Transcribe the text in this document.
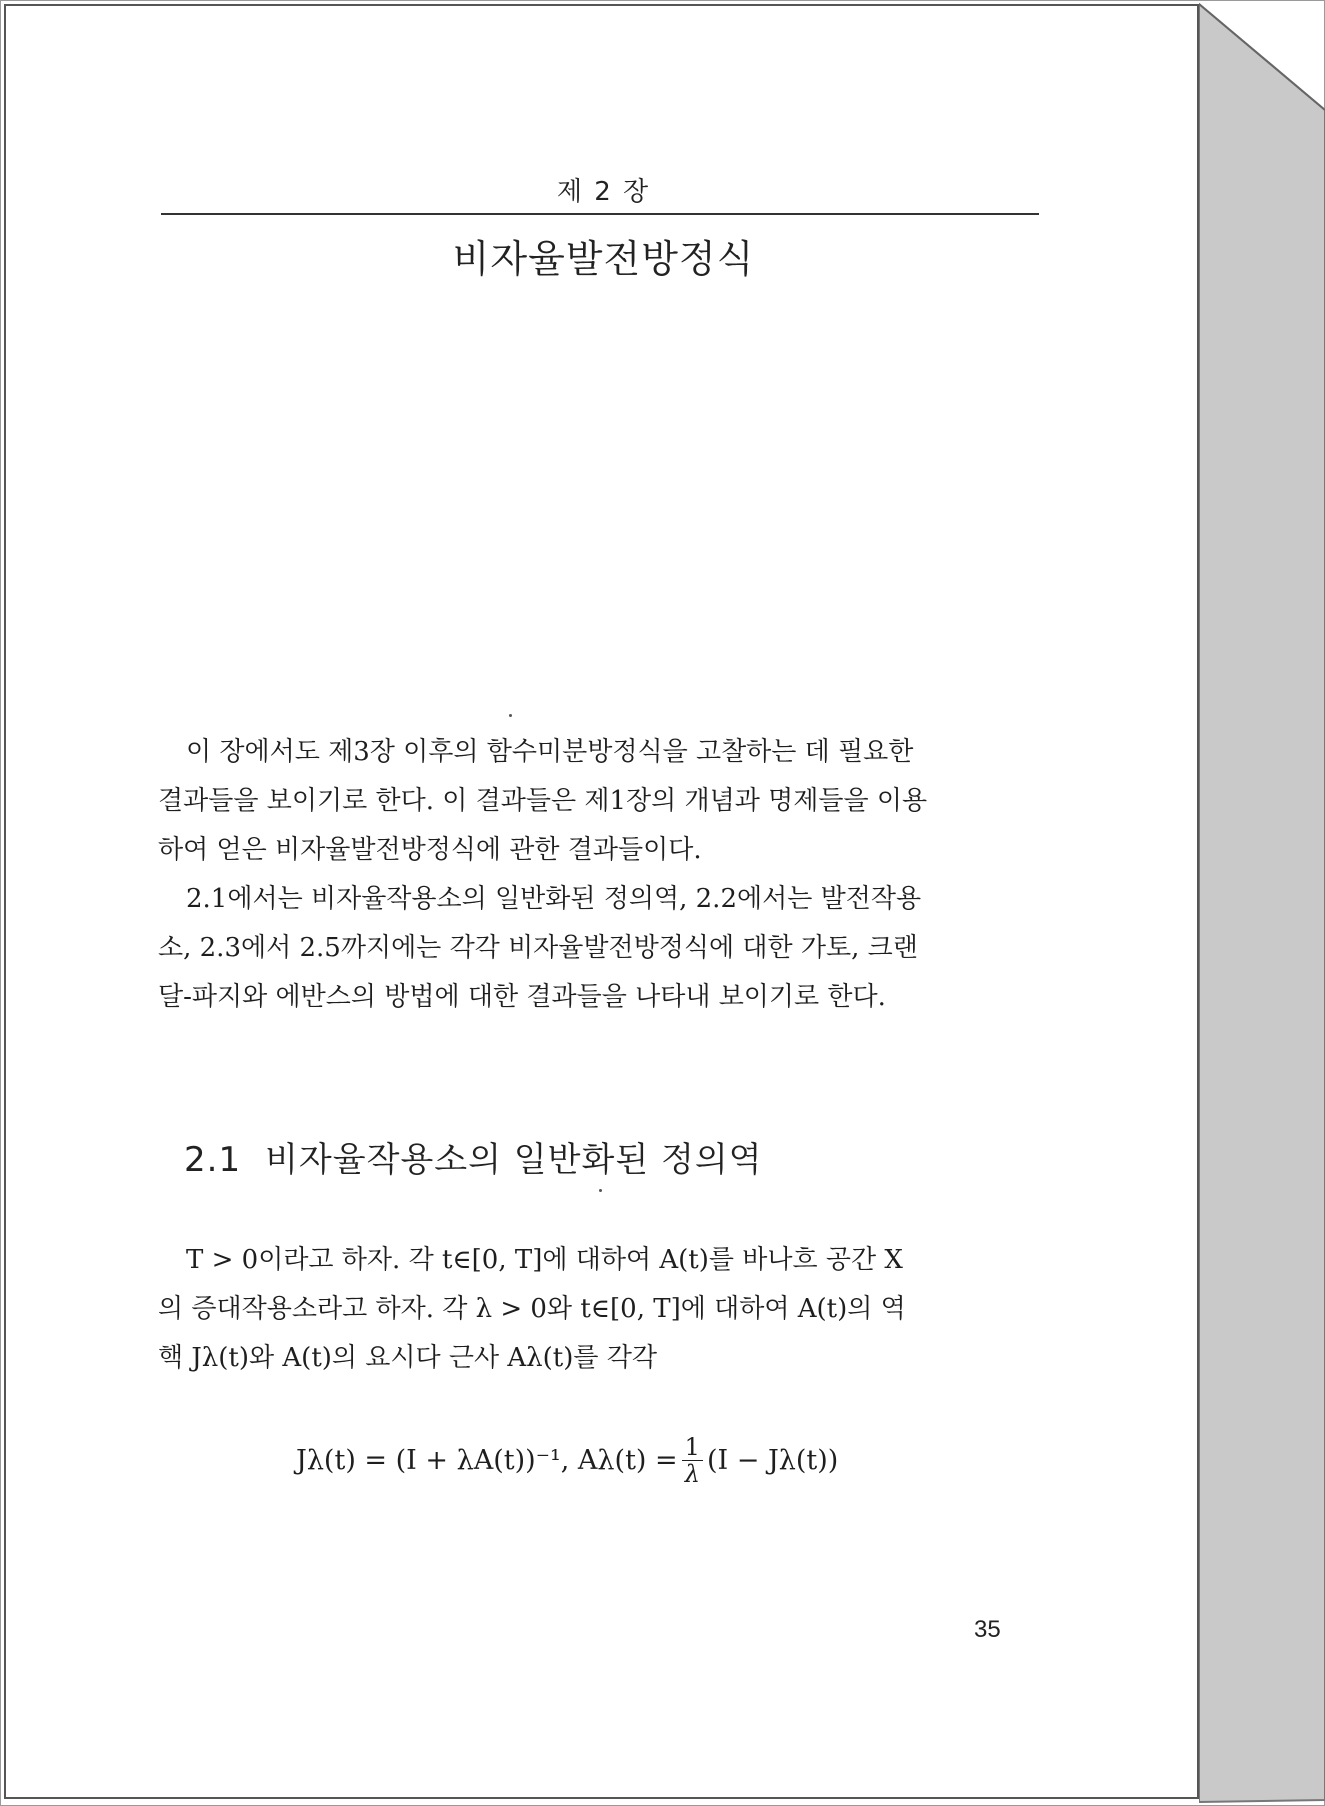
제 2 장
비자율발전방정식
이 장에서도 제3장 이후의 함수미분방정식을 고찰하는 데 필요한
결과들을 보이기로 한다. 이 결과들은 제1장의 개념과 명제들을 이용
하여 얻은 비자율발전방정식에 관한 결과들이다.
2.1에서는 비자율작용소의 일반화된 정의역, 2.2에서는 발전작용
소, 2.3에서 2.5까지에는 각각 비자율발전방정식에 대한 가토, 크랜
달-파지와 에반스의 방법에 대한 결과들을 나타내 보이기로 한다.
2.1 비자율작용소의 일반화된 정의역
T > 0이라고 하자. 각 t∈[0, T]에 대하여 A(t)를 바나흐 공간 X
의 증대작용소라고 하자. 각 λ > 0와 t∈[0, T]에 대하여 A(t)의 역
핵 Jλ(t)와 A(t)의 요시다 근사 Aλ(t)를 각각
Jλ(t) = (I + λA(t))⁻¹, $A\lambda(t) = \frac{1}{\lambda} (I - J\lambda(t))$
35
